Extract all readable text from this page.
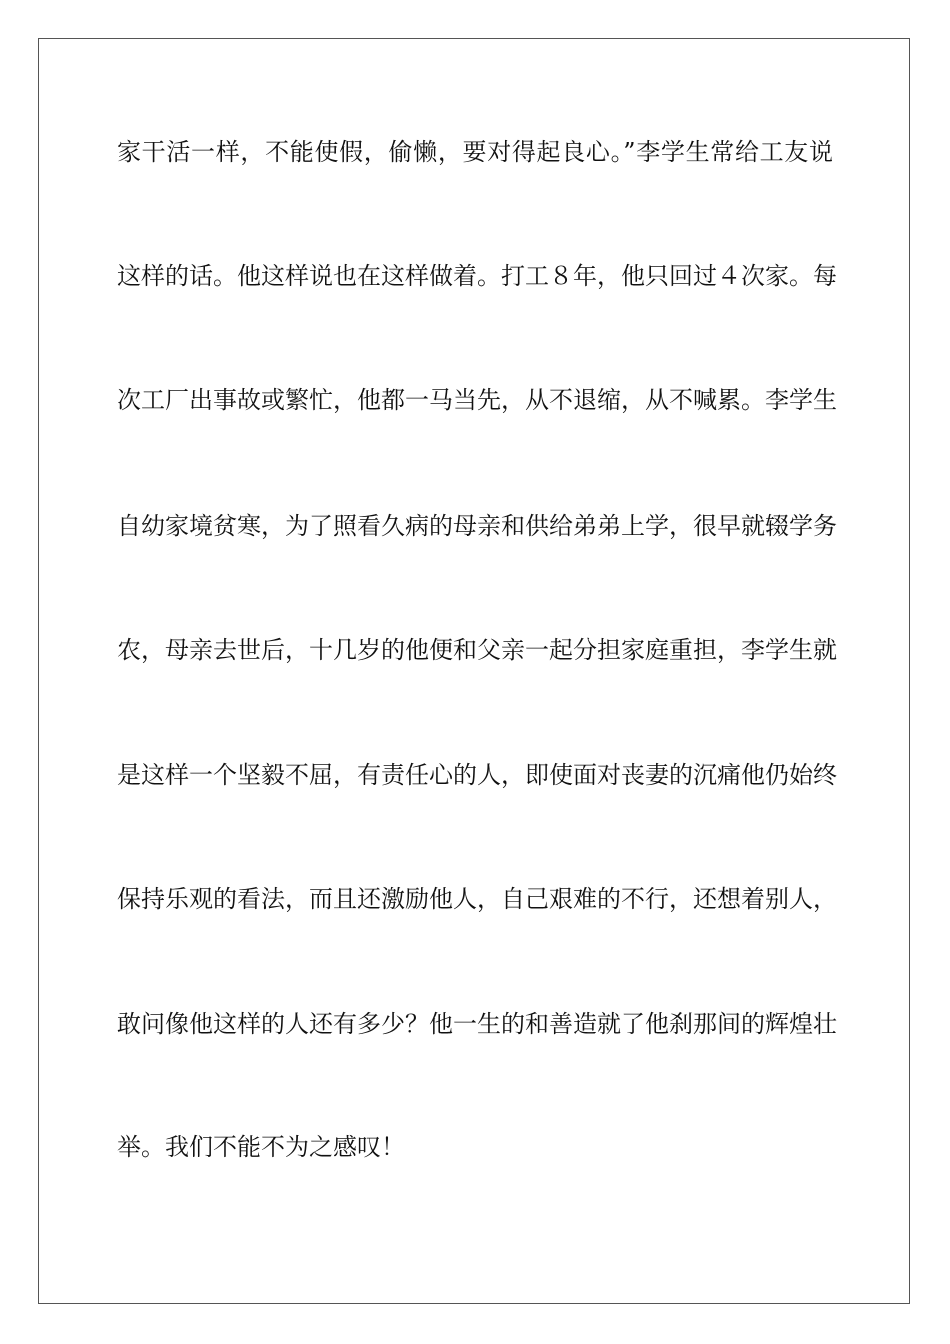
家干活一样，不能使假，偷懒，要对得起良心。”李学生常给工友说
这样的话。他这样说也在这样做着。打工８年，他只回过４次家。每
次工厂出事故或繁忙，他都一马当先，从不退缩，从不喊累。李学生
自幼家境贫寒，为了照看久病的母亲和供给弟弟上学，很早就辍学务
农，母亲去世后，十几岁的他便和父亲一起分担家庭重担，李学生就
是这样一个坚毅不屈，有责任心的人，即使面对丧妻的沉痛他仍始终
保持乐观的看法，而且还激励他人，自己艰难的不行，还想着别人，
敢问像他这样的人还有多少？他一生的和善造就了他刹那间的辉煌壮
举。我们不能不为之感叹！
